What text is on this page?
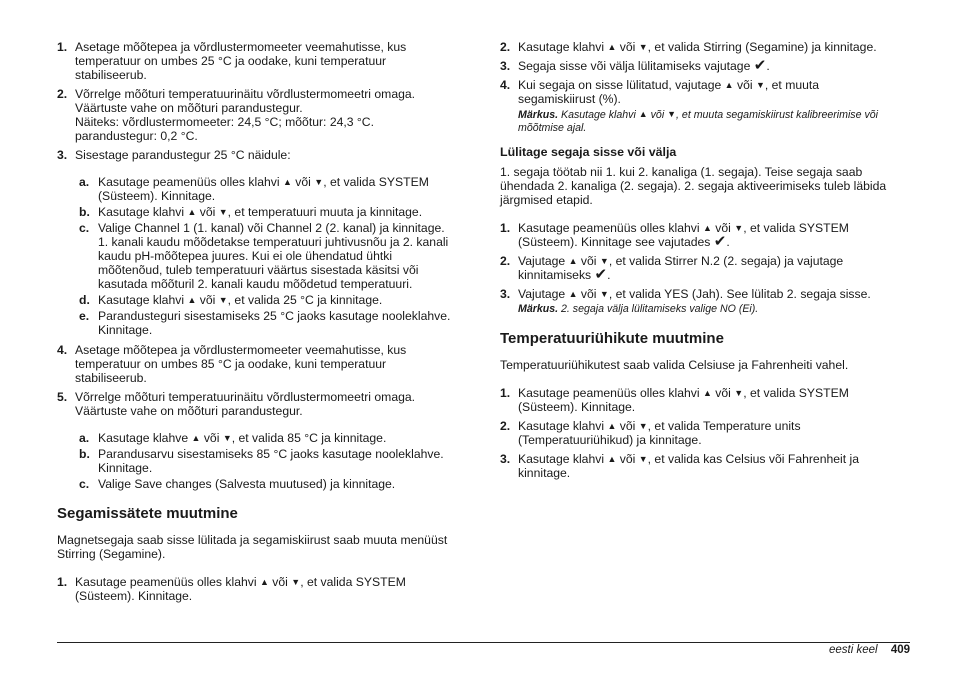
1. Asetage mõõtepea ja võrdlustermomeeter veemahutisse, kus
temperatuur on umbes 25 °C ja oodake, kuni temperatuur
stabiliseerub.
2. Võrrelge mõõturi temperatuurinäitu võrdlustermomeetri omaga.
Väärtuste vahe on mõõturi parandustegur.
Näiteks: võrdlustermomeeter: 24,5 °C; mõõtur: 24,3 °C.
parandustegur: 0,2 °C.
3. Sisestage parandustegur 25 °C näidule:
a. Kasutage peamenüüs olles klahvi ▲ või ▼, et valida SYSTEM
(Süsteem). Kinnitage.
b. Kasutage klahvi ▲ või ▼, et temperatuuri muuta ja kinnitage.
c. Valige Channel 1 (1. kanal) või Channel 2 (2. kanal) ja kinnitage.
1. kanali kaudu mõõdetakse temperatuuri juhtivusnõu ja 2. kanali
kaudu pH-mõõtepea juures. Kui ei ole ühendatud ühtki
mõõtenõud, tuleb temperatuuri väärtus sisestada käsitsi või
kasutada mõõturil 2. kanali kaudu mõõdetud temperatuuri.
d. Kasutage klahvi ▲ või ▼, et valida 25 °C ja kinnitage.
e. Parandusteguri sisestamiseks 25 °C jaoks kasutage nooleklahve.
Kinnitage.
4. Asetage mõõtepea ja võrdlustermomeeter veemahutisse, kus
temperatuur on umbes 85 °C ja oodake, kuni temperatuur
stabiliseerub.
5. Võrrelge mõõturi temperatuurinäitu võrdlustermomeetri omaga.
Väärtuste vahe on mõõturi parandustegur.
a. Kasutage klahve ▲ või ▼, et valida 85 °C ja kinnitage.
b. Parandusarvu sisestamiseks 85 °C jaoks kasutage nooleklahve.
Kinnitage.
c. Valige Save changes (Salvesta muutused) ja kinnitage.
Segamissätete muutmine
Magnetsegaja saab sisse lülitada ja segamiskiirust saab muuta menüüst
Stirring (Segamine).
1. Kasutage peamenüüs olles klahvi ▲ või ▼, et valida SYSTEM
(Süsteem). Kinnitage.
2. Kasutage klahvi ▲ või ▼, et valida Stirring (Segamine) ja kinnitage.
3. Segaja sisse või välja lülitamiseks vajutage ✔.
4. Kui segaja on sisse lülitatud, vajutage ▲ või ▼, et muuta
segamiskiirust (%).
Märkus. Kasutage klahvi ▲ või ▼, et muuta segamiskiirust kalibreerimise või
mõõtmise ajal.
Lülitage segaja sisse või välja
1. segaja töötab nii 1. kui 2. kanaliga (1. segaja). Teise segaja saab
ühendada 2. kanaliga (2. segaja). 2. segaja aktiveerimiseks tuleb läbida
järgmised etapid.
1. Kasutage peamenüüs olles klahvi ▲ või ▼, et valida SYSTEM
(Süsteem). Kinnitage see vajutades ✔.
2. Vajutage ▲ või ▼, et valida Stirrer N.2 (2. segaja) ja vajutage
kinnitamiseks ✔.
3. Vajutage ▲ või ▼, et valida YES (Jah). See lülitab 2. segaja sisse.
Märkus. 2. segaja välja lülitamiseks valige NO (Ei).
Temperatuuriühikute muutmine
Temperatuuriühikutest saab valida Celsiuse ja Fahrenheiti vahel.
1. Kasutage peamenüüs olles klahvi ▲ või ▼, et valida SYSTEM
(Süsteem). Kinnitage.
2. Kasutage klahvi ▲ või ▼, et valida Temperature units
(Temperatuuriühikud) ja kinnitage.
3. Kasutage klahvi ▲ või ▼, et valida kas Celsius või Fahrenheit ja
kinnitage.
eesti keel 409
